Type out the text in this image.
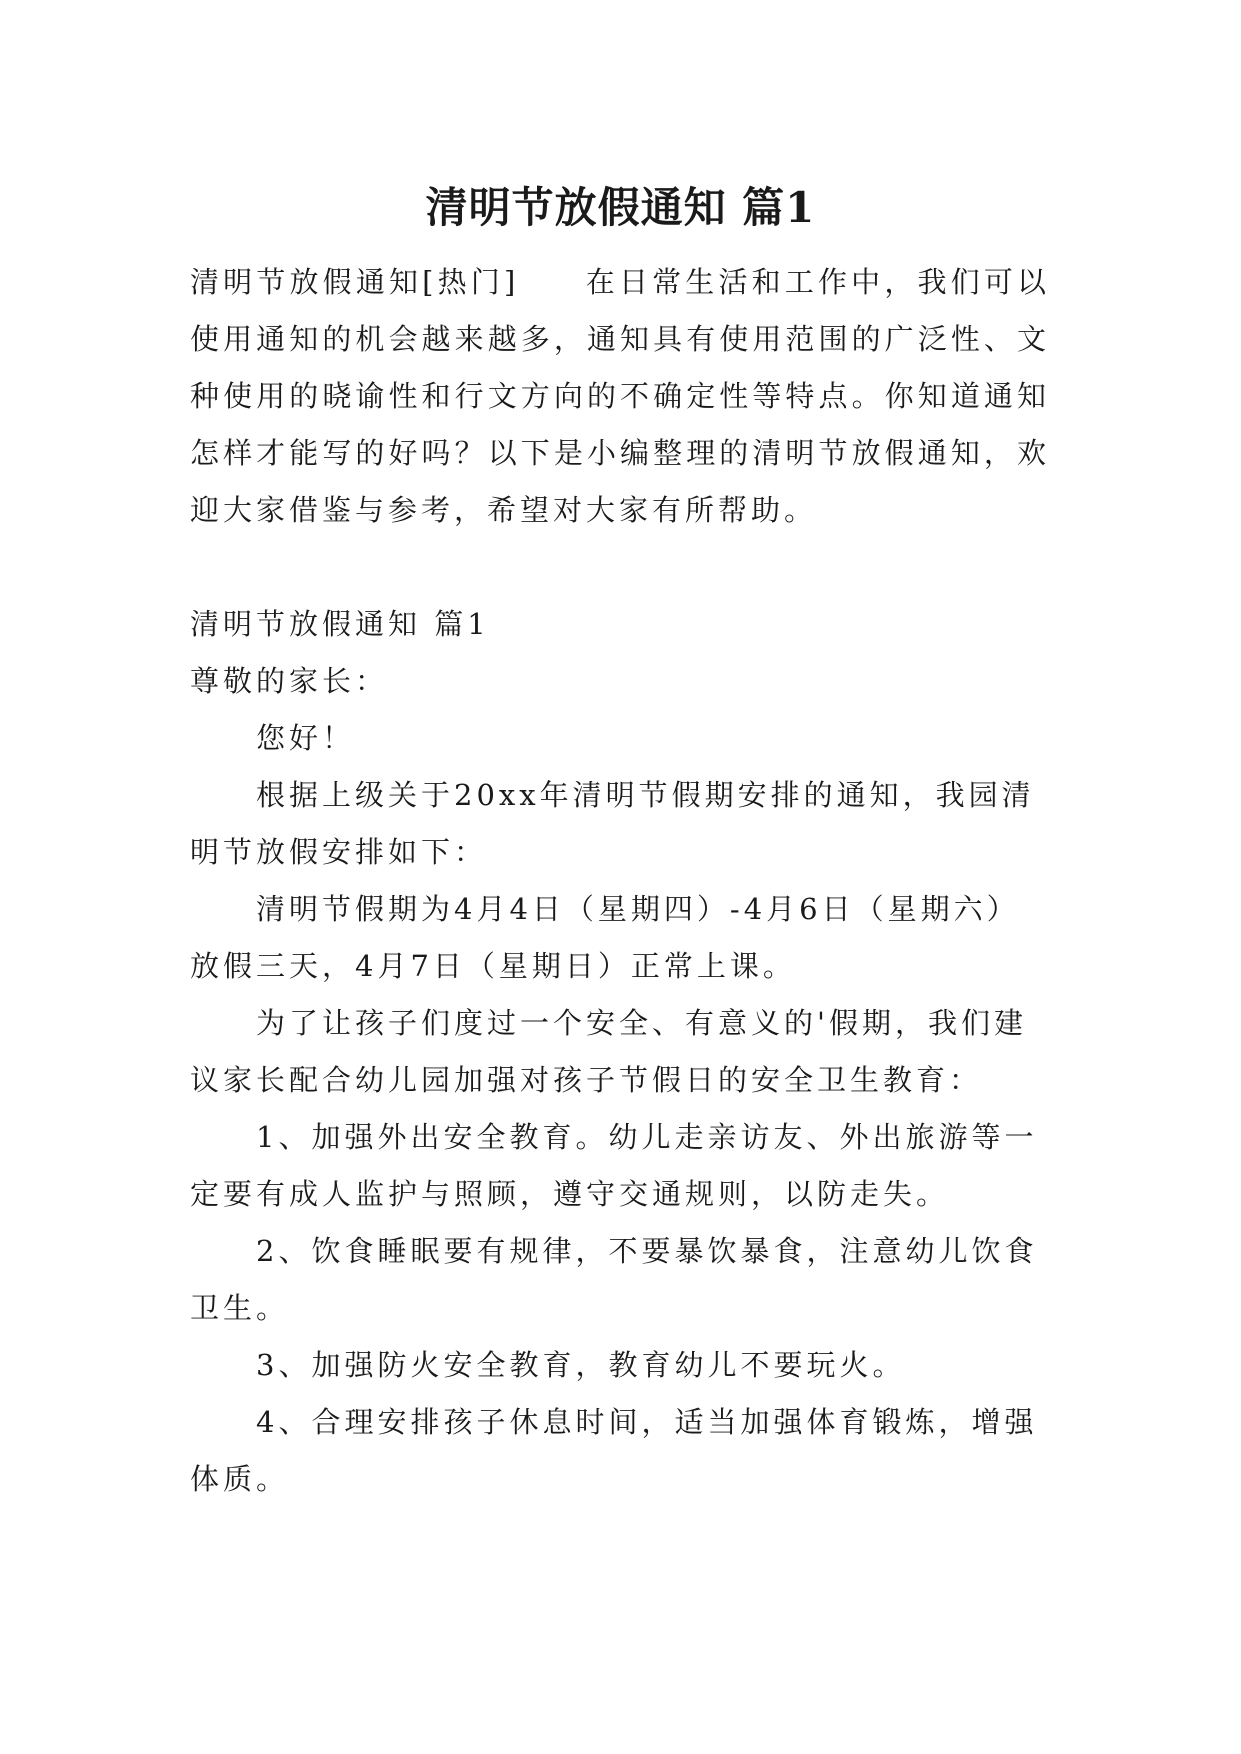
清明节放假通知 篇1

清明节放假通知[热门]　　在日常生活和工作中，我们可以使用通知的机会越来越多，通知具有使用范围的广泛性、文种使用的晓谕性和行文方向的不确定性等特点。你知道通知怎样才能写的好吗？以下是小编整理的清明节放假通知，欢迎大家借鉴与参考，希望对大家有所帮助。

清明节放假通知 篇1

尊敬的家长：

您好！

根据上级关于20xx年清明节假期安排的通知，我园清明节放假安排如下：

清明节假期为4月4日（星期四）-4月6日（星期六）放假三天，4月7日（星期日）正常上课。

为了让孩子们度过一个安全、有意义的'假期，我们建议家长配合幼儿园加强对孩子节假日的安全卫生教育：

1、加强外出安全教育。幼儿走亲访友、外出旅游等一定要有成人监护与照顾，遵守交通规则，以防走失。

2、饮食睡眠要有规律，不要暴饮暴食，注意幼儿饮食卫生。

3、加强防火安全教育，教育幼儿不要玩火。

4、合理安排孩子休息时间，适当加强体育锻炼，增强体质。
